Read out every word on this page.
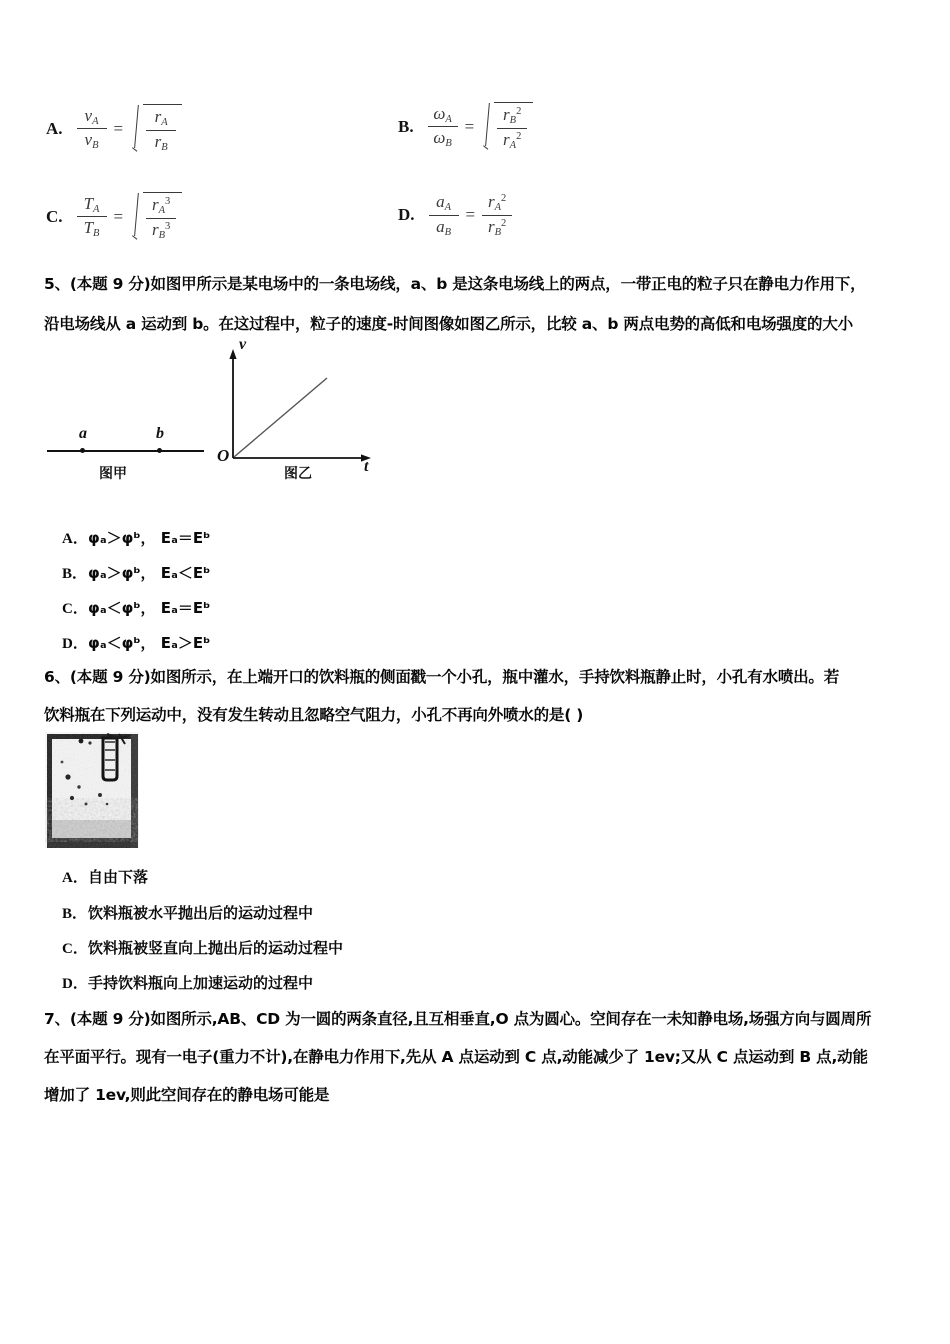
A. $\frac{v_A}{v_B} = \frac{r_A}{r_B}$	B. $\frac{\omega_A}{\omega_B} = \frac{r_B^2}{r_A^2}$
C. $\frac{T_A}{T_B} = \frac{r_A^3}{r_B^3}$	D. $\frac{a_A}{a_B} = \frac{r_A^2}{r_B^2}$
5、(本题 9 分)如图甲所示是某电场中的一条电场线，a、b 是这条电场线上的两点，一带正电的粒子只在静电力作用下，
沿电场线从 a 运动到 b。在这过程中，粒子的速度-时间图像如图乙所示，比较 a、b 两点电势的高低和电场强度的大小
a	b
图甲
O
v
t
图乙
A．φₐ＞φᵇ， Eₐ＝Eᵇ
B．φₐ＞φᵇ， Eₐ＜Eᵇ
C．φₐ＜φᵇ， Eₐ＝Eᵇ
D．φₐ＜φᵇ， Eₐ＞Eᵇ
6、(本题 9 分)如图所示，在上端开口的饮料瓶的侧面戳一个小孔，瓶中灌水，手持饮料瓶静止时，小孔有水喷出。若
饮料瓶在下列运动中，没有发生转动且忽略空气阻力，小孔不再向外喷水的是( )
A．自由下落
B．饮料瓶被水平抛出后的运动过程中
C．饮料瓶被竖直向上抛出后的运动过程中
D．手持饮料瓶向上加速运动的过程中
7、(本题 9 分)如图所示,AB、CD 为一圆的两条直径,且互相垂直,O 点为圆心。空间存在一未知静电场,场强方向与圆周所
在平面平行。现有一电子(重力不计),在静电力作用下,先从 A 点运动到 C 点,动能减少了 1ev;又从 C 点运动到 B 点,动能
增加了 1ev,则此空间存在的静电场可能是
